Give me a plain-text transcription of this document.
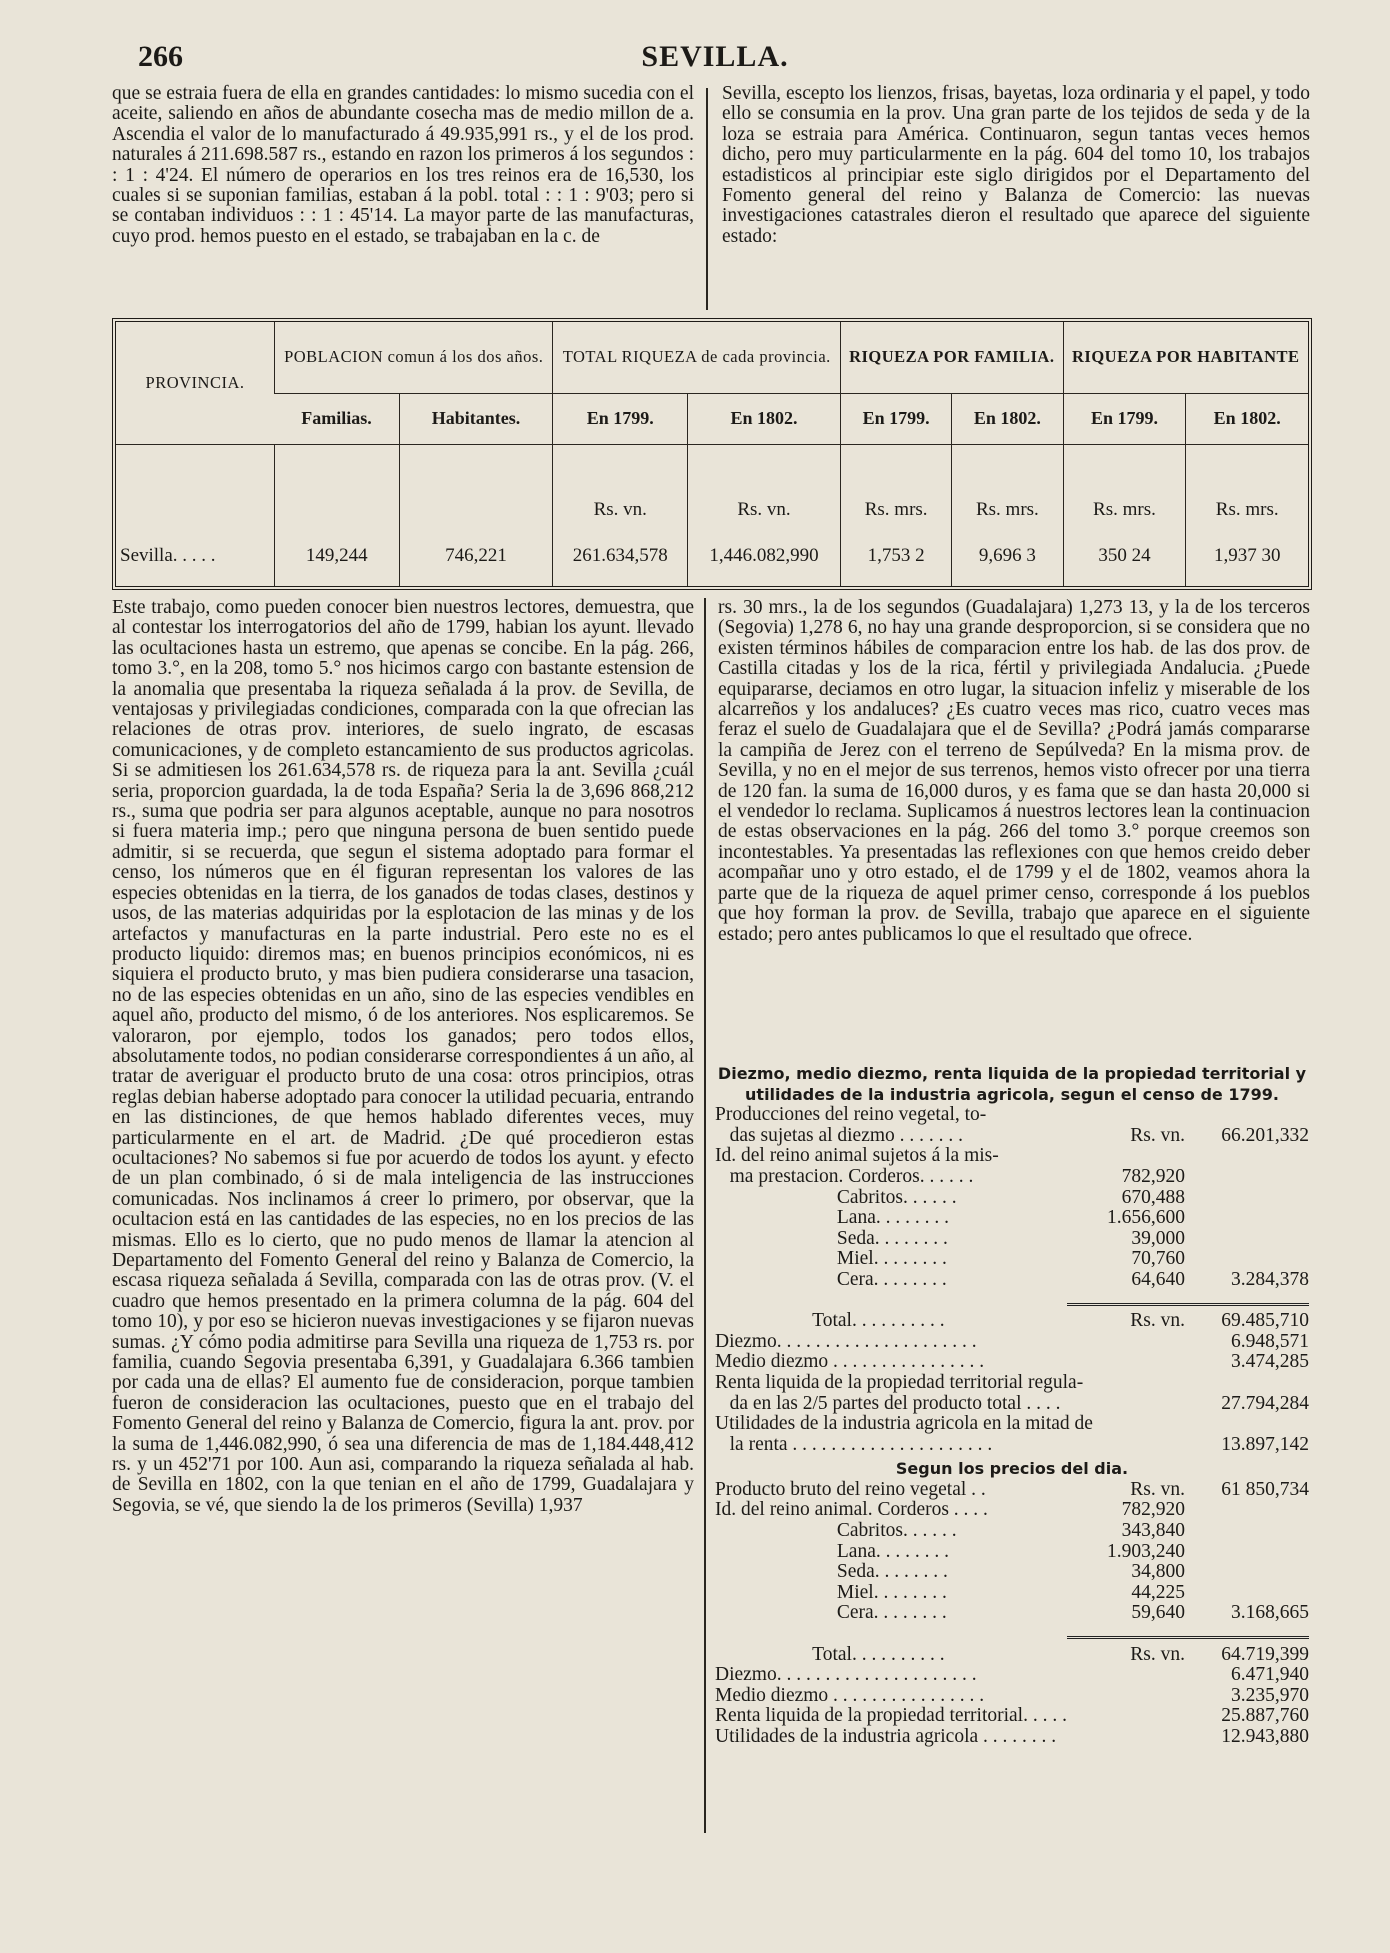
266	SEVILLA.

que se estraia fuera de ella en grandes cantidades: lo mismo sucedia con el aceite, saliendo en años de abundante cosecha mas de medio millon de a. Ascendia el valor de lo manufacturado á 49.935,991 rs., y el de los prod. naturales á 211.698.587 rs., estando en razon los primeros á los segundos : : 1 : 4'24. El número de operarios en los tres reinos era de 16,530, los cuales si se suponian familias, estaban á la pobl. total : : 1 : 9'03; pero si se contaban individuos : : 1 : 45'14. La mayor parte de las manufacturas, cuyo prod. hemos puesto en el estado, se trabajaban en la c. de

Sevilla, escepto los lienzos, frisas, bayetas, loza ordinaria y el papel, y todo ello se consumia en la prov. Una gran parte de los tejidos de seda y de la loza se estraia para América. Continuaron, segun tantas veces hemos dicho, pero muy particularmente en la pág. 604 del tomo 10, los trabajos estadisticos al principiar este siglo dirigidos por el Departamento del Fomento general del reino y Balanza de Comercio: las nuevas investigaciones catastrales dieron el resultado que aparece del siguiente estado:

PROVINCIA.	POBLACION comun á los dos años.		TOTAL RIQUEZA de cada provincia.		RIQUEZA POR FAMILIA.		RIQUEZA POR HABITANTE	
	Familias.	Habitantes.	En 1799.	En 1802.	En 1799.	En 1802.	En 1799.	En 1802.
			Rs. vn.	Rs. vn.	Rs. mrs.	Rs. mrs.	Rs. mrs.	Rs. mrs.
Sevilla. . . . .	149,244	746,221	261.634,578	1,446.082,990	1,753 2	9,696 3	350 24	1,937 30

Este trabajo, como pueden conocer bien nuestros lectores, demuestra, que al contestar los interrogatorios del año de 1799, habian los ayunt. llevado las ocultaciones hasta un estremo, que apenas se concibe. En la pág. 266, tomo 3.°, en la 208, tomo 5.° nos hicimos cargo con bastante estension de la anomalia que presentaba la riqueza señalada á la prov. de Sevilla, de ventajosas y privilegiadas condiciones, comparada con la que ofrecian las relaciones de otras prov. interiores, de suelo ingrato, de escasas comunicaciones, y de completo estancamiento de sus productos agricolas. Si se admitiesen los 261.634,578 rs. de riqueza para la ant. Sevilla ¿cuál seria, proporcion guardada, la de toda España? Seria la de 3,696 868,212 rs., suma que podria ser para algunos aceptable, aunque no para nosotros si fuera materia imp.; pero que ninguna persona de buen sentido puede admitir, si se recuerda, que segun el sistema adoptado para formar el censo, los números que en él figuran representan los valores de las especies obtenidas en la tierra, de los ganados de todas clases, destinos y usos, de las materias adquiridas por la esplotacion de las minas y de los artefactos y manufacturas en la parte industrial. Pero este no es el producto liquido: diremos mas; en buenos principios económicos, ni es siquiera el producto bruto, y mas bien pudiera considerarse una tasacion, no de las especies obtenidas en un año, sino de las especies vendibles en aquel año, producto del mismo, ó de los anteriores. Nos esplicaremos. Se valoraron, por ejemplo, todos los ganados; pero todos ellos, absolutamente todos, no podian considerarse correspondientes á un año, al tratar de averiguar el producto bruto de una cosa: otros principios, otras reglas debian haberse adoptado para conocer la utilidad pecuaria, entrando en las distinciones, de que hemos hablado diferentes veces, muy particularmente en el art. de Madrid. ¿De qué procedieron estas ocultaciones? No sabemos si fue por acuerdo de todos los ayunt. y efecto de un plan combinado, ó si de mala inteligencia de las instrucciones comunicadas. Nos inclinamos á creer lo primero, por observar, que la ocultacion está en las cantidades de las especies, no en los precios de las mismas. Ello es lo cierto, que no pudo menos de llamar la atencion al Departamento del Fomento General del reino y Balanza de Comercio, la escasa riqueza señalada á Sevilla, comparada con las de otras prov. (V. el cuadro que hemos presentado en la primera columna de la pág. 604 del tomo 10), y por eso se hicieron nuevas investigaciones y se fijaron nuevas sumas. ¿Y cómo podia admitirse para Sevilla una riqueza de 1,753 rs. por familia, cuando Segovia presentaba 6,391, y Guadalajara 6.366 tambien por cada una de ellas? El aumento fue de consideracion, porque tambien fueron de consideracion las ocultaciones, puesto que en el trabajo del Fomento General del reino y Balanza de Comercio, figura la ant. prov. por la suma de 1,446.082,990, ó sea una diferencia de mas de 1,184.448,412 rs. y un 452'71 por 100. Aun asi, comparando la riqueza señalada al hab. de Sevilla en 1802, con la que tenian en el año de 1799, Guadalajara y Segovia, se vé, que siendo la de los primeros (Sevilla) 1,937

rs. 30 mrs., la de los segundos (Guadalajara) 1,273 13, y la de los terceros (Segovia) 1,278 6, no hay una grande desproporcion, si se considera que no existen términos hábiles de comparacion entre los hab. de las dos prov. de Castilla citadas y los de la rica, fértil y privilegiada Andalucia. ¿Puede equipararse, deciamos en otro lugar, la situacion infeliz y miserable de los alcarreños y los andaluces? ¿Es cuatro veces mas rico, cuatro veces mas feraz el suelo de Guadalajara que el de Sevilla? ¿Podrá jamás compararse la campiña de Jerez con el terreno de Sepúlveda? En la misma prov. de Sevilla, y no en el mejor de sus terrenos, hemos visto ofrecer por una tierra de 120 fan. la suma de 16,000 duros, y es fama que se dan hasta 20,000 si el vendedor lo reclama. Suplicamos á nuestros lectores lean la continuacion de estas observaciones en la pág. 266 del tomo 3.° porque creemos son incontestables. Ya presentadas las reflexiones con que hemos creido deber acompañar uno y otro estado, el de 1799 y el de 1802, veamos ahora la parte que de la riqueza de aquel primer censo, corresponde á los pueblos que hoy forman la prov. de Sevilla, trabajo que aparece en el siguiente estado; pero antes publicamos lo que el resultado que ofrece.

Diezmo, medio diezmo, renta liquida de la propiedad territorial y utilidades de la industria agricola, segun el censo de 1799.
Producciones del reino vegetal, to-
das sujetas al diezmo . . . . . . .	Rs. vn. 66.201,332
Id. del reino animal sujetos á la mis-
ma prestacion. Corderos. . . . . .	782,920
Cabritos. . . . . .	670,488
Lana. . . . . . . .	1.656,600
Seda. . . . . . . .	39,000
Miel. . . . . . . .	70,760
Cera. . . . . . . .	64,640 3.284,378
Total. . . . . . . . . .	Rs. vn. 69.485,710
Diezmo. . . . . . . . . . . . . . . . . . . . .	6.948,571
Medio diezmo . . . . . . . . . . . . . . . .	3.474,285
Renta liquida de la propiedad territorial regula-
da en las 2/5 partes del producto total . . . .	27.794,284
Utilidades de la industria agricola en la mitad de
la renta . . . . . . . . . . . . . . . . . . . . .	13.897,142
Segun los precios del dia.
Producto bruto del reino vegetal . .	Rs. vn. 61 850,734
Id. del reino animal. Corderos . . . .	782,920
Cabritos. . . . . .	343,840
Lana. . . . . . . .	1.903,240
Seda. . . . . . . .	34,800
Miel. . . . . . . .	44,225
Cera. . . . . . . .	59,640 3.168,665
Total. . . . . . . . . .	Rs. vn. 64.719,399
Diezmo. . . . . . . . . . . . . . . . . . . . .	6.471,940
Medio diezmo . . . . . . . . . . . . . . . .	3.235,970
Renta liquida de la propiedad territorial. . . . .	25.887,760
Utilidades de la industria agricola . . . . . . . .	12.943,880
